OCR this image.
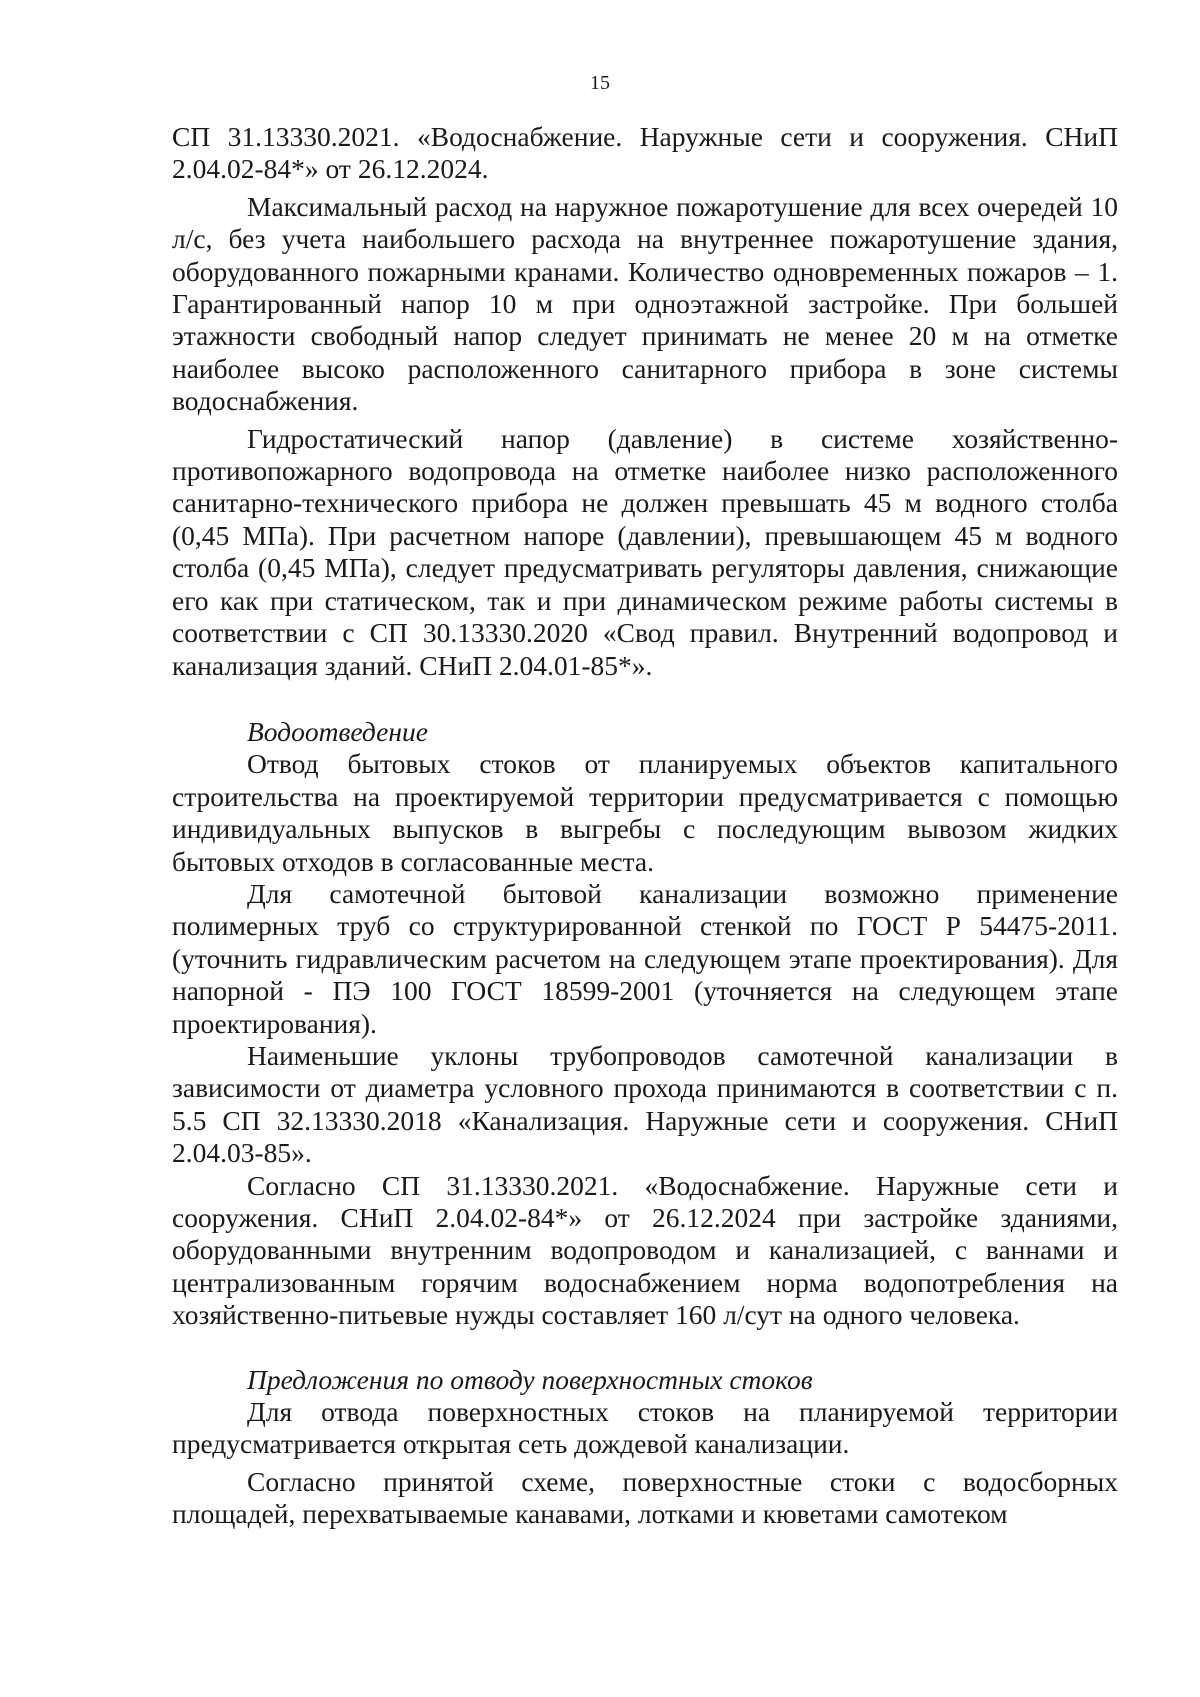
15

СП 31.13330.2021. «Водоснабжение. Наружные сети и сооружения. СНиП 2.04.02-84*» от 26.12.2024.

Максимальный расход на наружное пожаротушение для всех очередей 10 л/с, без учета наибольшего расхода на внутреннее пожаротушение здания, оборудованного пожарными кранами. Количество одновременных пожаров – 1. Гарантированный напор 10 м при одноэтажной застройке. При большей этажности свободный напор следует принимать не менее 20 м на отметке наиболее высоко расположенного санитарного прибора в зоне системы водоснабжения.

Гидростатический напор (давление) в системе хозяйственно-противопожарного водопровода на отметке наиболее низко расположенного санитарно-технического прибора не должен превышать 45 м водного столба (0,45 МПа). При расчетном напоре (давлении), превышающем 45 м водного столба (0,45 МПа), следует предусматривать регуляторы давления, снижающие его как при статическом, так и при динамическом режиме работы системы в соответствии с СП 30.13330.2020 «Свод правил. Внутренний водопровод и канализация зданий. СНиП 2.04.01-85*».

Водоотведение

Отвод бытовых стоков от планируемых объектов капитального строительства на проектируемой территории предусматривается с помощью индивидуальных выпусков в выгребы с последующим вывозом жидких бытовых отходов в согласованные места.

Для самотечной бытовой канализации возможно применение полимерных труб со структурированной стенкой по ГОСТ Р 54475-2011. (уточнить гидравлическим расчетом на следующем этапе проектирования). Для напорной - ПЭ 100 ГОСТ 18599-2001 (уточняется на следующем этапе проектирования).

Наименьшие уклоны трубопроводов самотечной канализации в зависимости от диаметра условного прохода принимаются в соответствии с п. 5.5 СП 32.13330.2018 «Канализация. Наружные сети и сооружения. СНиП 2.04.03-85».

Согласно СП 31.13330.2021. «Водоснабжение. Наружные сети и сооружения. СНиП 2.04.02-84*» от 26.12.2024 при застройке зданиями, оборудованными внутренним водопроводом и канализацией, с ваннами и централизованным горячим водоснабжением норма водопотребления на хозяйственно-питьевые нужды составляет 160 л/сут на одного человека.

Предложения по отводу поверхностных стоков

Для отвода поверхностных стоков на планируемой территории предусматривается открытая сеть дождевой канализации.

Согласно принятой схеме, поверхностные стоки с водосборных площадей, перехватываемые канавами, лотками и кюветами самотеком
